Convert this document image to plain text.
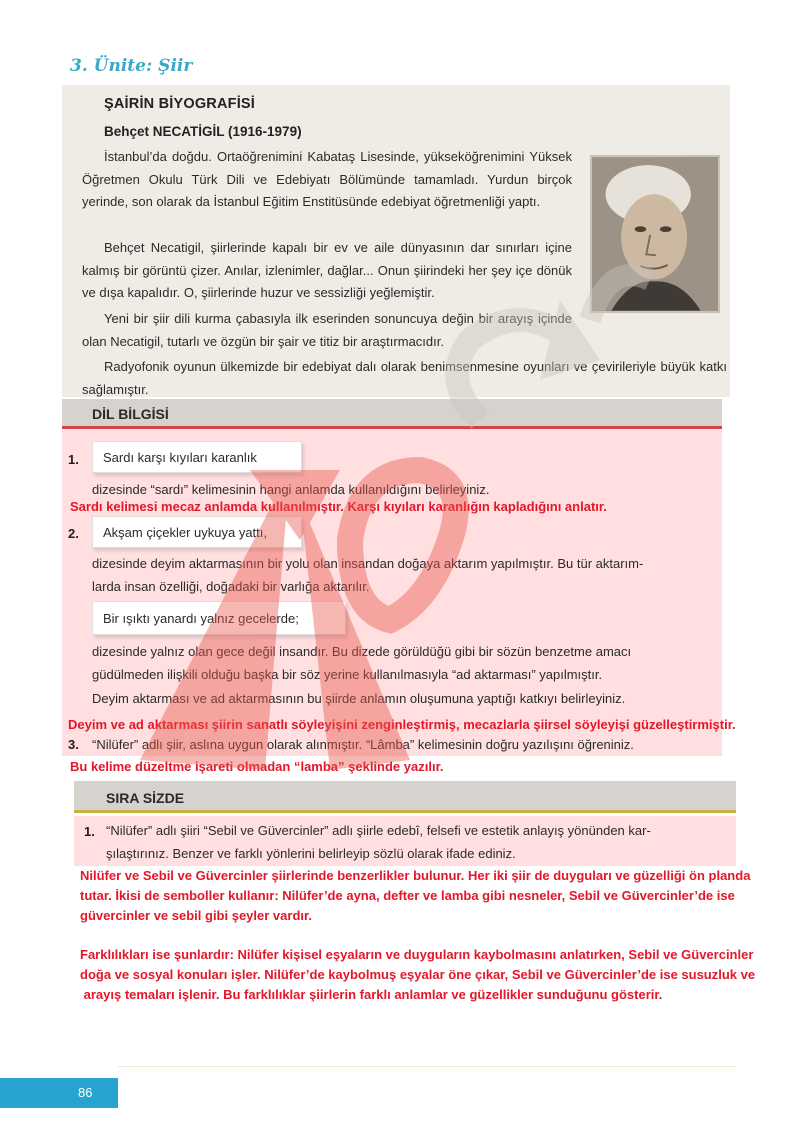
3. Ünite: Şiir
ŞAİRİN BİYOGRAFİSİ
Behçet NECATİGİL (1916-1979)
İstanbul’da doğdu. Ortaöğrenimini Kabataş Lisesinde, yükseköğrenimini Yüksek Öğretmen Okulu Türk Dili ve Edebiyatı Bölümünde tamamladı. Yurdun birçok yerinde, son olarak da İstanbul Eğitim Enstitüsünde edebiyat öğretmenliği yaptı.
Behçet Necatigil, şiirlerinde kapalı bir ev ve aile dünyasının dar sınırları içine kalmış bir görüntü çizer. Anılar, izlenimler, dağlar... Onun şiirindeki her şey içe dönük ve dışa kapalıdır. O, şiirlerinde huzur ve sessizliği yeğlemiştir.
Yeni bir şiir dili kurma çabasıyla ilk eserinden sonuncuya değin bir arayış içinde olan Necatigil, tutarlı ve özgün bir şair ve titiz bir araştırmacıdır.
Radyofonik oyunun ülkemizde bir edebiyat dalı olarak benimsenmesine oyunları ve çevirileriyle büyük katkı sağlamıştır.
DİL BİLGİSİ
1. Sardı karşı kıyıları karanlık
dizesinde “sardı” kelimesinin hangi anlamda kullanıldığını belirleyiniz.
Sardı kelimesi mecaz anlamda kullanılmıştır. Karşı kıyıları karanlığın kapladığını anlatır.
2. Akşam çiçekler uykuya yattı,
dizesinde deyim aktarmasının bir yolu olan insandan doğaya aktarım yapılmıştır. Bu tür aktarım-
larda insan özelliği, doğadaki bir varlığa aktarılır.
Bir ışıktı yanardı yalnız gecelerde;
dizesinde yalnız olan gece değil insandır. Bu dizede görüldüğü gibi bir sözün benzetme amacı
güdülmeden ilişkili olduğu başka bir söz yerine kullanılmasıyla “ad aktarması” yapılmıştır.
Deyim aktarması ve ad aktarmasının bu şiirde anlamın oluşumuna yaptığı katkıyı belirleyiniz.
Deyim ve ad aktarması şiirin sanatlı söyleyişini zenginleştirmiş, mecazlarla şiirsel söyleyişi güzelleştirmiştir.
3. “Nilüfer” adlı şiir, aslına uygun olarak alınmıştır. “Lâmba” kelimesinin doğru yazılışını öğreniniz.
Bu kelime düzeltme işareti olmadan “lamba” şeklinde yazılır.
SIRA SİZDE
1. “Nilüfer” adlı şiiri “Sebil ve Güvercinler” adlı şiirle edebî, felsefi ve estetik anlayış yönünden kar-
şılaştırınız. Benzer ve farklı yönlerini belirleyip sözlü olarak ifade ediniz.
Nilüfer ve Sebil ve Güvercinler şiirlerinde benzerlikler bulunur. Her iki şiir de duyguları ve güzelliği ön planda
tutar. İkisi de semboller kullanır: Nilüfer’de ayna, defter ve lamba gibi nesneler, Sebil ve Güvercinler’de ise
güvercinler ve sebil gibi şeyler vardır.
Farklılıkları ise şunlardır: Nilüfer kişisel eşyaların ve duyguların kaybolmasını anlatırken, Sebil ve Güvercinler
doğa ve sosyal konuları işler. Nilüfer’de kaybolmuş eşyalar öne çıkar, Sebil ve Güvercinler’de ise susuzluk ve
arayış temaları işlenir. Bu farklılıklar şiirlerin farklı anlamlar ve güzellikler sunduğunu gösterir.
86
